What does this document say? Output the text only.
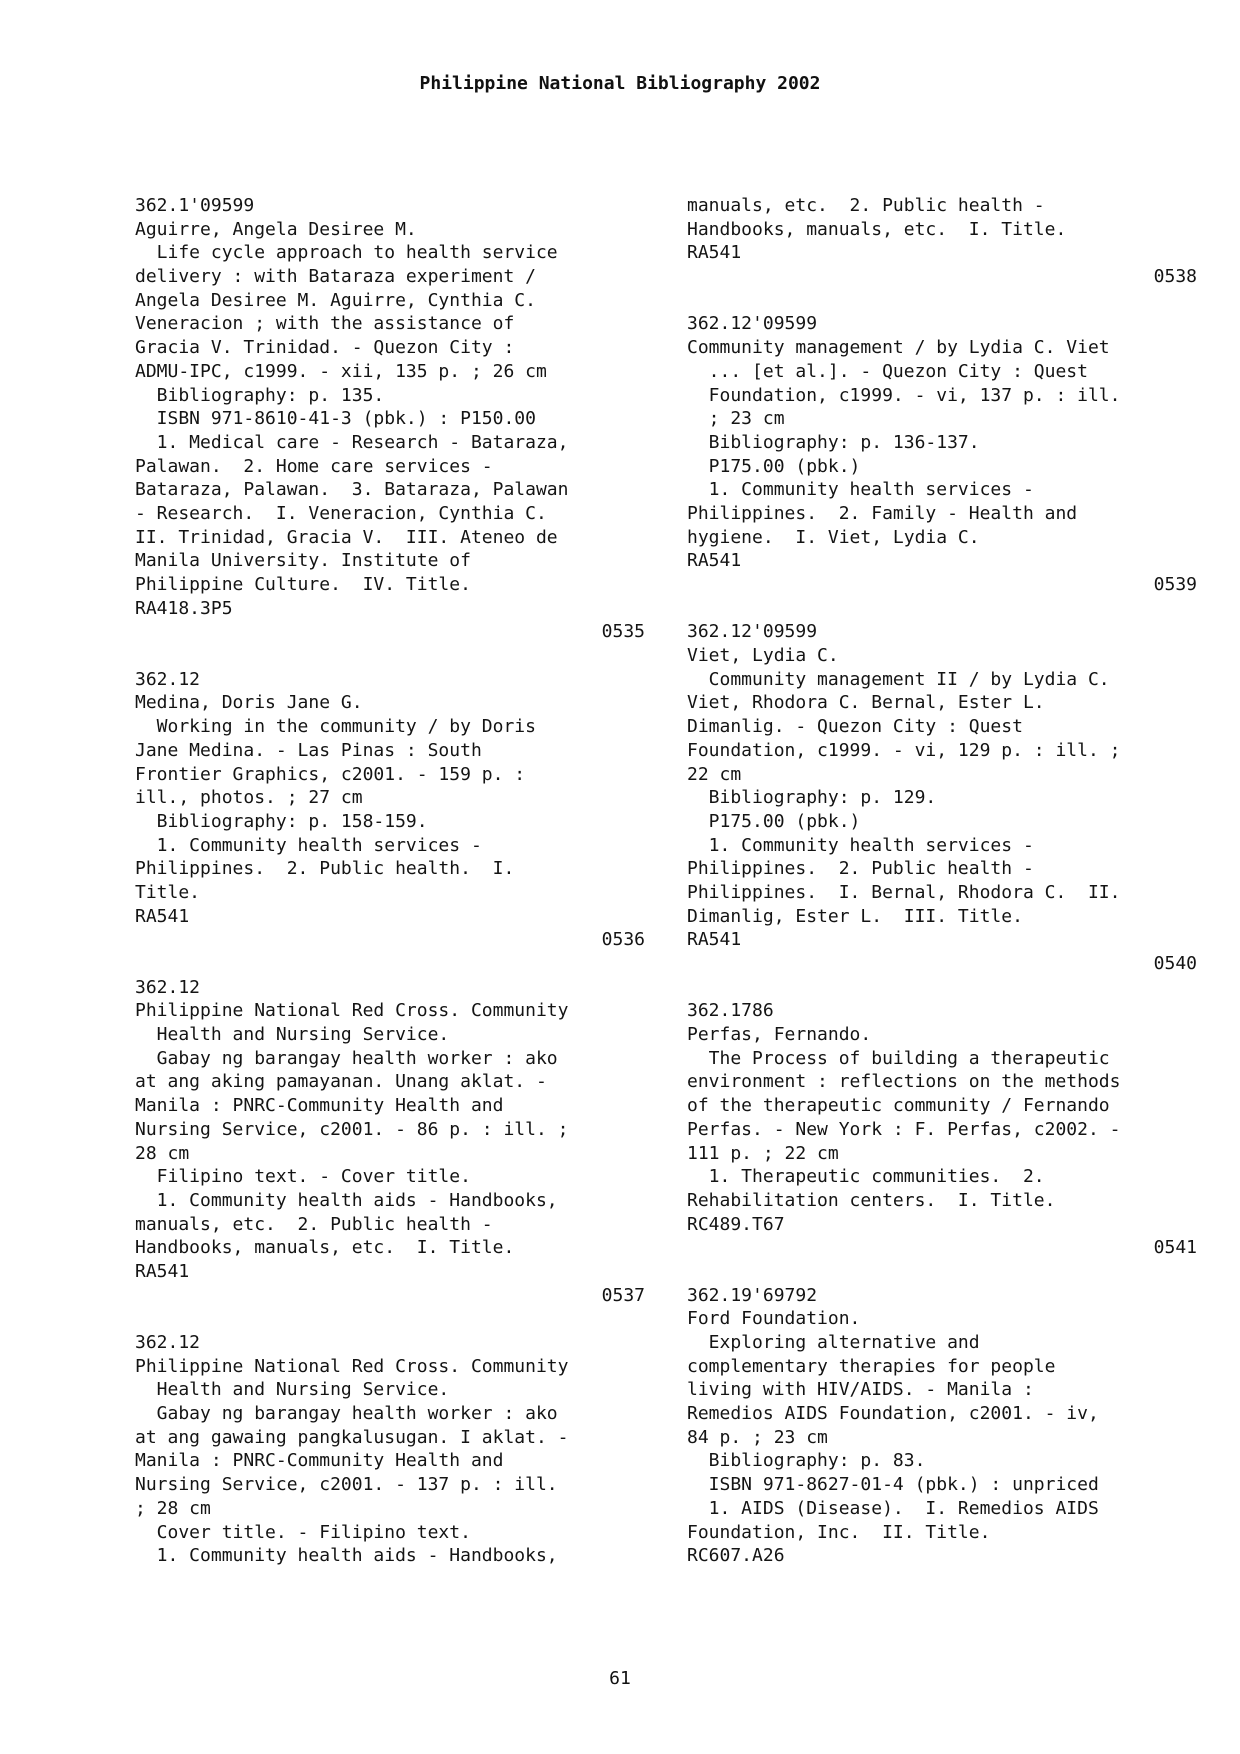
Philippine National Bibliography 2002
362.1'09599
Aguirre, Angela Desiree M.
Life cycle approach to health service
delivery : with Bataraza experiment /
Angela Desiree M. Aguirre, Cynthia C.
Veneracion ; with the assistance of
Gracia V. Trinidad. - Quezon City :
ADMU-IPC, c1999. - xii, 135 p. ; 26 cm
Bibliography: p. 135.
ISBN 971-8610-41-3 (pbk.) : P150.00
1. Medical care - Research - Bataraza,
Palawan.  2. Home care services -
Bataraza, Palawan.  3. Bataraza, Palawan
- Research.  I. Veneracion, Cynthia C.
II. Trinidad, Gracia V.  III. Ateneo de
Manila University. Institute of
Philippine Culture.  IV. Title.
RA418.3P5
0535
362.12
Medina, Doris Jane G.
Working in the community / by Doris
Jane Medina. - Las Pinas : South
Frontier Graphics, c2001. - 159 p. :
ill., photos. ; 27 cm
Bibliography: p. 158-159.
1. Community health services -
Philippines.  2. Public health.  I.
Title.
RA541
0536
362.12
Philippine National Red Cross. Community
Health and Nursing Service.
Gabay ng barangay health worker : ako
at ang aking pamayanan. Unang aklat. -
Manila : PNRC-Community Health and
Nursing Service, c2001. - 86 p. : ill. ;
28 cm
Filipino text. - Cover title.
1. Community health aids - Handbooks,
manuals, etc.  2. Public health -
Handbooks, manuals, etc.  I. Title.
RA541
0537
362.12
Philippine National Red Cross. Community
Health and Nursing Service.
Gabay ng barangay health worker : ako
at ang gawaing pangkalusugan. I aklat. -
Manila : PNRC-Community Health and
Nursing Service, c2001. - 137 p. : ill.
; 28 cm
Cover title. - Filipino text.
1. Community health aids - Handbooks,
manuals, etc.  2. Public health -
Handbooks, manuals, etc.  I. Title.
RA541
0538
362.12'09599
Community management / by Lydia C. Viet
... [et al.]. - Quezon City : Quest
Foundation, c1999. - vi, 137 p. : ill.
; 23 cm
Bibliography: p. 136-137.
P175.00 (pbk.)
1. Community health services -
Philippines.  2. Family - Health and
hygiene.  I. Viet, Lydia C.
RA541
0539
362.12'09599
Viet, Lydia C.
Community management II / by Lydia C.
Viet, Rhodora C. Bernal, Ester L.
Dimanlig. - Quezon City : Quest
Foundation, c1999. - vi, 129 p. : ill. ;
22 cm
Bibliography: p. 129.
P175.00 (pbk.)
1. Community health services -
Philippines.  2. Public health -
Philippines.  I. Bernal, Rhodora C.  II.
Dimanlig, Ester L.  III. Title.
RA541
0540
362.1786
Perfas, Fernando.
The Process of building a therapeutic
environment : reflections on the methods
of the therapeutic community / Fernando
Perfas. - New York : F. Perfas, c2002. -
111 p. ; 22 cm
1. Therapeutic communities.  2.
Rehabilitation centers.  I. Title.
RC489.T67
0541
362.19'69792
Ford Foundation.
Exploring alternative and
complementary therapies for people
living with HIV/AIDS. - Manila :
Remedios AIDS Foundation, c2001. - iv,
84 p. ; 23 cm
Bibliography: p. 83.
ISBN 971-8627-01-4 (pbk.) : unpriced
1. AIDS (Disease).  I. Remedios AIDS
Foundation, Inc.  II. Title.
RC607.A26
61
